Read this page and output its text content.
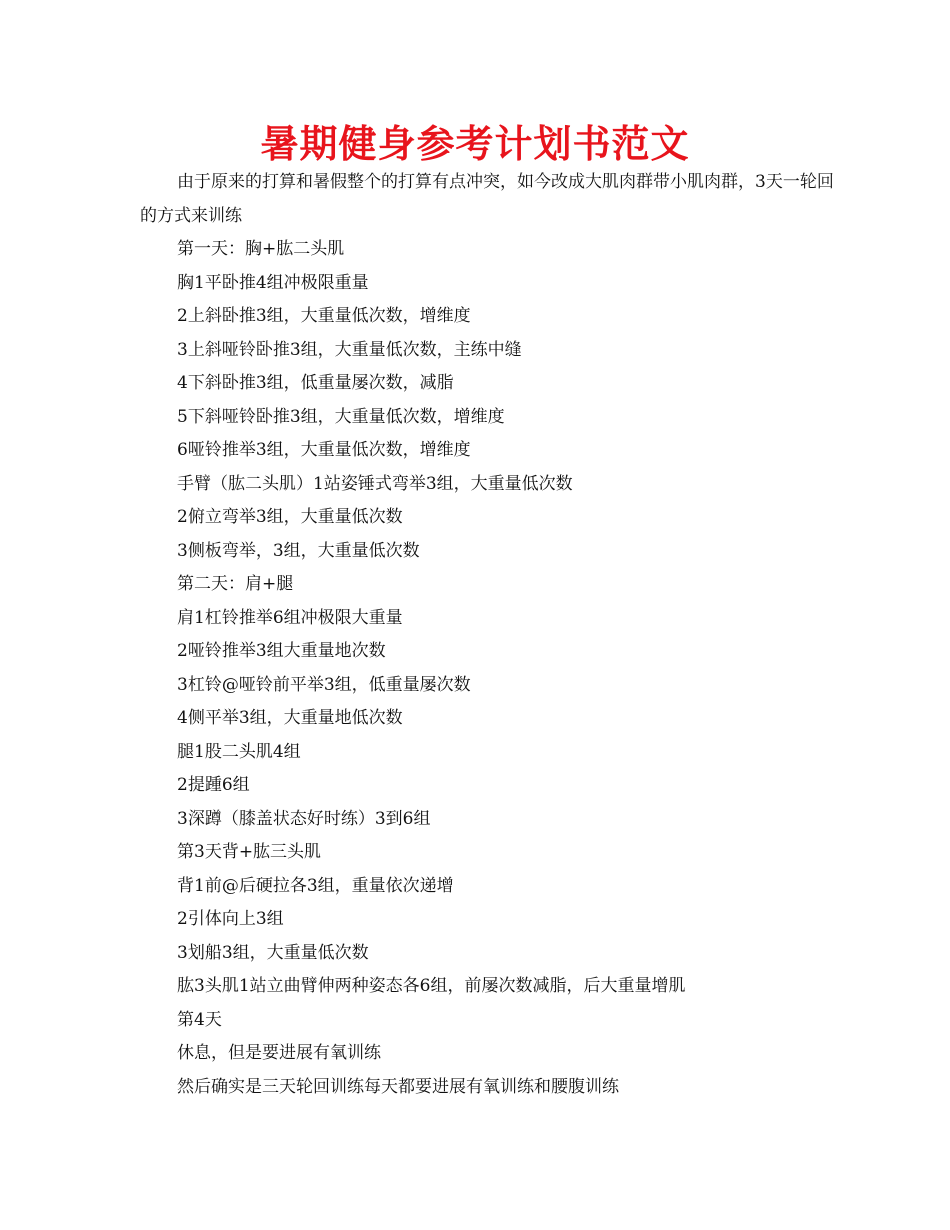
暑期健身参考计划书范文

由于原来的打算和暑假整个的打算有点冲突，如今改成大肌肉群带小肌肉群，3天一轮回的方式来训练

第一天：胸+肱二头肌
胸1平卧推4组冲极限重量
2上斜卧推3组，大重量低次数，增维度
3上斜哑铃卧推3组，大重量低次数，主练中缝
4下斜卧推3组，低重量屡次数，减脂
5下斜哑铃卧推3组，大重量低次数，增维度
6哑铃推举3组，大重量低次数，增维度
手臂（肱二头肌）1站姿锤式弯举3组，大重量低次数
2俯立弯举3组，大重量低次数
3侧板弯举，3组，大重量低次数
第二天：肩+腿
肩1杠铃推举6组冲极限大重量
2哑铃推举3组大重量地次数
3杠铃@哑铃前平举3组，低重量屡次数
4侧平举3组，大重量地低次数
腿1股二头肌4组
2提踵6组
3深蹲（膝盖状态好时练）3到6组
第3天背+肱三头肌
背1前@后硬拉各3组，重量依次递增
2引体向上3组
3划船3组，大重量低次数
肱3头肌1站立曲臂伸两种姿态各6组，前屡次数减脂，后大重量增肌
第4天
休息，但是要进展有氧训练
然后确实是三天轮回训练每天都要进展有氧训练和腰腹训练
